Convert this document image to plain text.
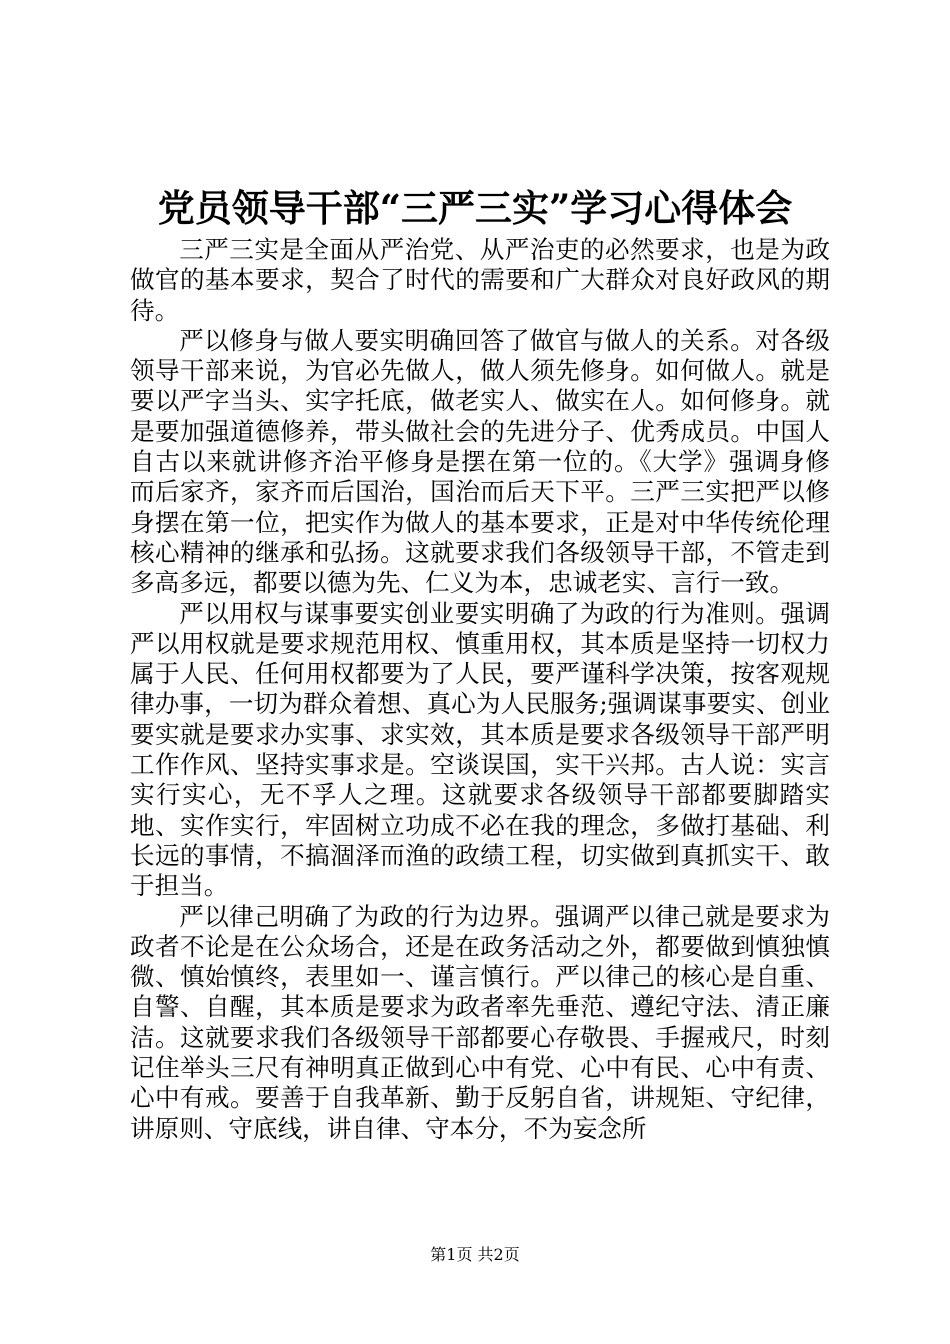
党员领导干部“三严三实”学习心得体会

三严三实是全面从严治党、从严治吏的必然要求，也是为政做官的基本要求，契合了时代的需要和广大群众对良好政风的期待。

严以修身与做人要实明确回答了做官与做人的关系。对各级领导干部来说，为官必先做人，做人须先修身。如何做人。就是要以严字当头、实字托底，做老实人、做实在人。如何修身。就是要加强道德修养，带头做社会的先进分子、优秀成员。中国人自古以来就讲修齐治平修身是摆在第一位的。《大学》强调身修而后家齐，家齐而后国治，国治而后天下平。三严三实把严以修身摆在第一位，把实作为做人的基本要求，正是对中华传统伦理核心精神的继承和弘扬。这就要求我们各级领导干部，不管走到多高多远，都要以德为先、仁义为本，忠诚老实、言行一致。

严以用权与谋事要实创业要实明确了为政的行为准则。强调严以用权就是要求规范用权、慎重用权，其本质是坚持一切权力属于人民、任何用权都要为了人民，要严谨科学决策，按客观规律办事，一切为群众着想、真心为人民服务;强调谋事要实、创业要实就是要求办实事、求实效，其本质是要求各级领导干部严明工作作风、坚持实事求是。空谈误国，实干兴邦。古人说：实言实行实心，无不孚人之理。这就要求各级领导干部都要脚踏实地、实作实行，牢固树立功成不必在我的理念，多做打基础、利长远的事情，不搞涸泽而渔的政绩工程，切实做到真抓实干、敢于担当。

严以律己明确了为政的行为边界。强调严以律己就是要求为政者不论是在公众场合，还是在政务活动之外，都要做到慎独慎微、慎始慎终，表里如一、谨言慎行。严以律己的核心是自重、自警、自醒，其本质是要求为政者率先垂范、遵纪守法、清正廉洁。这就要求我们各级领导干部都要心存敬畏、手握戒尺，时刻记住举头三尺有神明真正做到心中有党、心中有民、心中有责、心中有戒。要善于自我革新、勤于反躬自省，讲规矩、守纪律，讲原则、守底线，讲自律、守本分，不为妄念所

第1页 共2页
